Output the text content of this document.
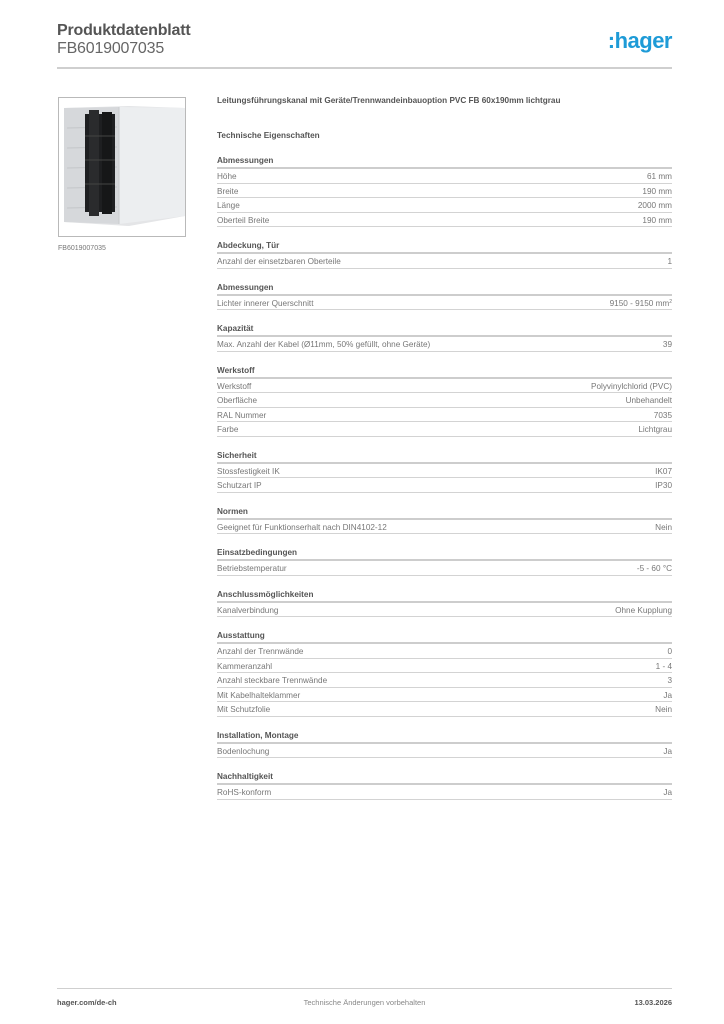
Produktdatenblatt
FB6019007035	:hager
FB6019007035
Leitungsführungskanal mit Geräte/Trennwandeinbauoption PVC FB 60x190mm lichtgrau
Technische Eigenschaften
Abmessungen
Höhe	61 mm
Breite	190 mm
Länge	2000 mm
Oberteil Breite	190 mm
Abdeckung, Tür
Anzahl der einsetzbaren Oberteile	1
Abmessungen
Lichter innerer Querschnitt	9150 - 9150 $mm^2$
Kapazität
Max. Anzahl der Kabel (Ø11mm, 50% gefüllt, ohne Geräte)	39
Werkstoff
Werkstoff	Polyvinylchlorid (PVC)
Oberfläche	Unbehandelt
RAL Nummer	7035
Farbe	Lichtgrau
Sicherheit
Stossfestigkeit IK	IK07
Schutzart IP	IP30
Normen
Geeignet für Funktionserhalt nach DIN4102-12	Nein
Einsatzbedingungen
Betriebstemperatur	-5 - 60 °C
Anschlussmöglichkeiten
Kanalverbindung	Ohne Kupplung
Ausstattung
Anzahl der Trennwände	0
Kammeranzahl	1 - 4
Anzahl steckbare Trennwände	3
Mit Kabelhalteklammer	Ja
Mit Schutzfolie	Nein
Installation, Montage
Bodenlochung	Ja
Nachhaltigkeit
RoHS-konform	Ja
hager.com/de-ch	Technische Änderungen vorbehalten	13.03.2026
